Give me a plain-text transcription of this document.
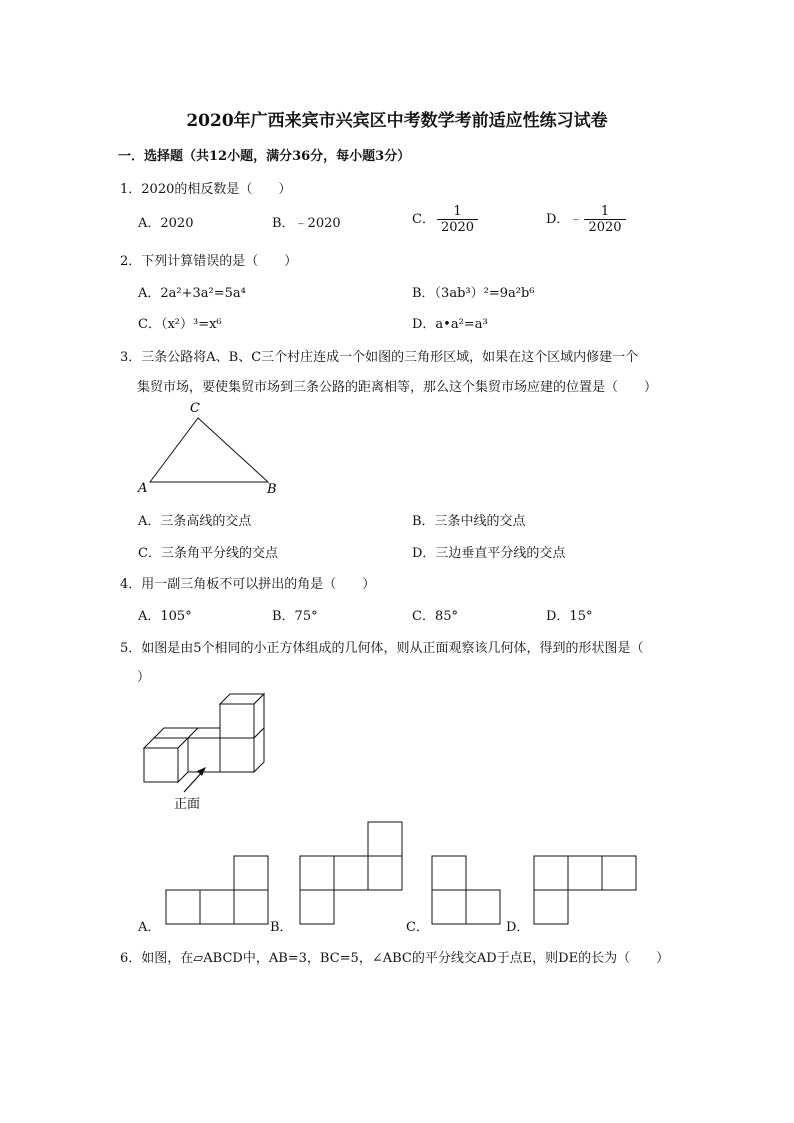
2020年广西来宾市兴宾区中考数学考前适应性练习试卷
一．选择题（共12小题，满分36分，每小题3分）
1．2020的相反数是（　　）
A．2020	B．﹣2020	C． $\frac{1}{2020}$	D．﹣ $\frac{1}{2020}$
2．下列计算错误的是（　　）
A．2a²+3a²=5a⁴	B．（3ab³）²=9a²b⁶
C．（x²）³=x⁶	D．a•a²=a³
3．三条公路将A、B、C三个村庄连成一个如图的三角形区域，如果在这个区域内修建一个
集贸市场，要使集贸市场到三条公路的距离相等，那么这个集贸市场应建的位置是（　　）
A	B
C
A．三条高线的交点	B．三条中线的交点
C．三条角平分线的交点	D．三边垂直平分线的交点
4．用一副三角板不可以拼出的角是（　　）
A．105°	B．75°	C．85°	D．15°
5．如图是由5个相同的小正方体组成的几何体，则从正面观察该几何体，得到的形状图是（
）
正面
A．	B．	C．	D．
6．如图，在▱ABCD中，AB=3，BC=5，∠ABC的平分线交AD于点E，则DE的长为（　　）
